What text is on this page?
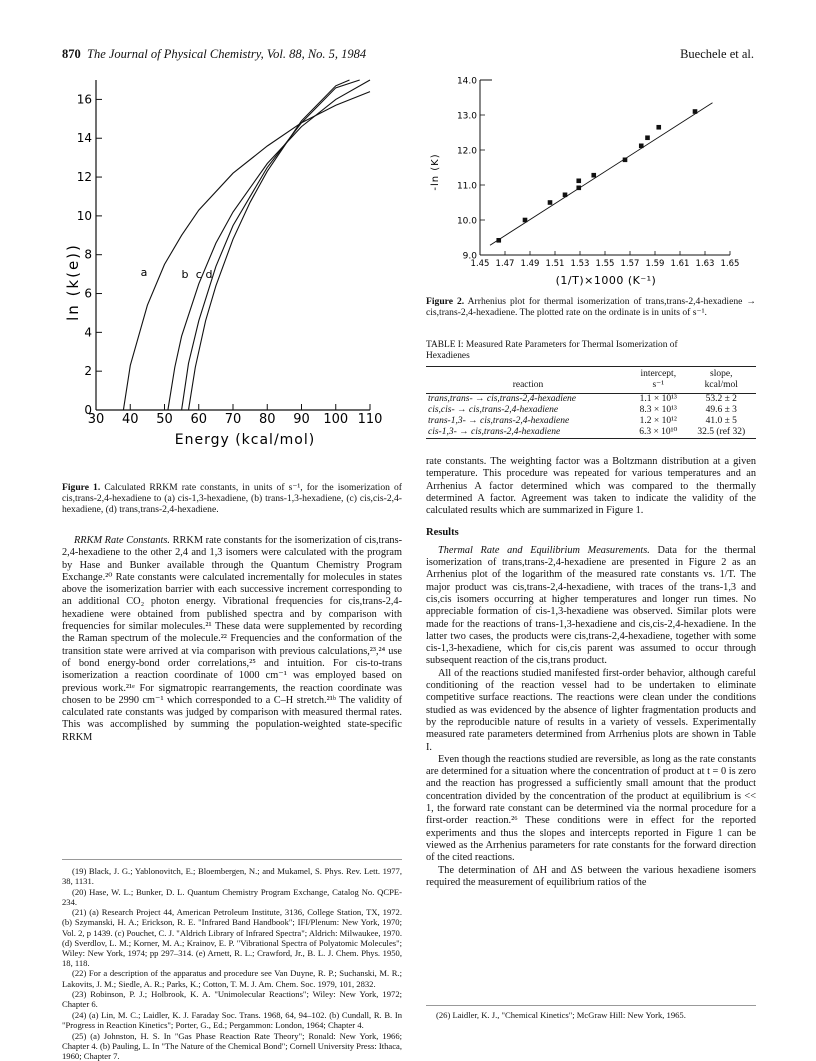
870 The Journal of Physical Chemistry, Vol. 88, No. 5, 1984	Buechele et al.
30 40 50 60 70 80 90 100 110
0
2
4
6
8
10
12
14
16
a	b c d
Energy (kcal/mol)
ln (k(e))
Figure 1. Calculated RRKM rate constants, in units of s⁻¹, for the isomerization of cis,trans-2,4-hexadiene to (a) cis-1,3-hexadiene, (b) trans-1,3-hexadiene, (c) cis,cis-2,4-hexadiene, (d) trans,trans-2,4-hexadiene.

RRKM Rate Constants. RRKM rate constants for the isomerization of cis,trans-2,4-hexadiene to the other 2,4 and 1,3 isomers were calculated with the program by Hase and Bunker available through the Quantum Chemistry Program Exchange.²⁰ Rate constants were calculated incrementally for molecules in states above the isomerization barrier with each successive increment corresponding to an additional CO₂ photon energy. Vibrational frequencies for cis,trans-2,4-hexadiene were obtained from published spectra and by comparison with frequencies for similar molecules.²¹ These data were supplemented by recording the Raman spectrum of the molecule.²² Frequencies and the conformation of the transition state were arrived at via comparison with previous calculations,²³,²⁴ use of bond energy-bond order correlations,²⁵ and intuition. For cis-to-trans isomerization a reaction coordinate of 1000 cm⁻¹ was employed based on previous work.²¹ᵉ For sigmatropic rearrangements, the reaction coordinate was chosen to be 2990 cm⁻¹ which corresponded to a C–H stretch.²¹ᵇ The validity of calculated rate constants was judged by comparison with measured thermal rates. This was accomplished by summing the population-weighted state-specific RRKM

(19) Black, J. G.; Yablonovitch, E.; Bloembergen, N.; and Mukamel, S. Phys. Rev. Lett. 1977, 38, 1131.

(20) Hase, W. L.; Bunker, D. L. Quantum Chemistry Program Exchange, Catalog No. QCPE-234.

(21) (a) Research Project 44, American Petroleum Institute, 3136, College Station, TX, 1972. (b) Szymanski, H. A.; Erickson, R. E. "Infrared Band Handbook"; IFI/Plenum: New York, 1970; Vol. 2, p 1439. (c) Pouchet, C. J. "Aldrich Library of Infrared Spectra"; Aldrich: Milwaukee, 1970. (d) Sverdlov, L. M.; Korner, M. A.; Krainov, E. P. "Vibrational Spectra of Polyatomic Molecules"; Wiley: New York, 1974; pp 297–314. (e) Arnett, R. L.; Crawford, Jr., B. L. J. Chem. Phys. 1950, 18, 118.

(22) For a description of the apparatus and procedure see Van Duyne, R. P.; Suchanski, M. R.; Lakovits, J. M.; Siedle, A. R.; Parks, K.; Cotton, T. M. J. Am. Chem. Soc. 1979, 101, 2832.

(23) Robinson, P. J.; Holbrook, K. A. "Unimolecular Reactions"; Wiley: New York, 1972; Chapter 6.

(24) (a) Lin, M. C.; Laidler, K. J. Faraday Soc. Trans. 1968, 64, 94–102. (b) Cundall, R. B. In "Progress in Reaction Kinetics"; Porter, G., Ed.; Pergammon: London, 1964; Chapter 4.

(25) (a) Johnston, H. S. In "Gas Phase Reaction Rate Theory"; Ronald: New York, 1966; Chapter 4. (b) Pauling, L. In "The Nature of the Chemical Bond"; Cornell University Press: Ithaca, 1960; Chapter 7.

1.45 1.47 1.49 1.51 1.53 1.55 1.57 1.59 1.61 1.63 1.65
9.0
10.0
11.0
12.0
13.0
14.0
(1/T)×1000 (K⁻¹)
-ln (K)
Figure 2. Arrhenius plot for thermal isomerization of trans,trans-2,4-hexadiene → cis,trans-2,4-hexadiene. The plotted rate on the ordinate is in units of s⁻¹.
TABLE I: Measured Rate Parameters for Thermal Isomerization of Hexadienes
	intercept,	slope,
reaction	s⁻¹	kcal/mol
trans,trans- → cis,trans-2,4-hexadiene	1.1 × 10¹³	53.2 ± 2
cis,cis- → cis,trans-2,4-hexadiene	8.3 × 10¹³	49.6 ± 3
trans-1,3- → cis,trans-2,4-hexadiene	1.2 × 10¹²	41.0 ± 5
cis-1,3- → cis,trans-2,4-hexadiene	6.3 × 10¹⁰	32.5 (ref 32)

rate constants. The weighting factor was a Boltzmann distribution at a given temperature. This procedure was repeated for various temperatures and an Arrhenius A factor determined which was compared to the thermally determined A factor. Agreement was taken to indicate the validity of the calculated results which are summarized in Figure 1.

Results

Thermal Rate and Equilibrium Measurements. Data for the thermal isomerization of trans,trans-2,4-hexadiene are presented in Figure 2 as an Arrhenius plot of the logarithm of the measured rate constants vs. 1/T. The major product was cis,trans-2,4-hexadiene, with traces of the trans-1,3 and cis,cis isomers occurring at higher temperatures and longer run times. No appreciable formation of cis-1,3-hexadiene was observed. Similar plots were made for the reactions of trans-1,3-hexadiene and cis,cis-2,4-hexadiene. In the latter two cases, the products were cis,trans-2,4-hexadiene, together with some cis-1,3-hexadiene, which for cis,cis parent was assumed to occur through subsequent reaction of the cis,trans product.

All of the reactions studied manifested first-order behavior, although careful conditioning of the reaction vessel had to be undertaken to eliminate competitive surface reactions. The reactions were clean under the conditions studied as was evidenced by the absence of lighter fragmentation products and by the reproducible nature of results in a variety of vessels. Experimentally measured rate parameters determined from Arrhenius plots are shown in Table I.

Even though the reactions studied are reversible, as long as the rate constants are determined for a situation where the concentration of product at t = 0 is zero and the reaction has progressed a sufficiently small amount that the product concentration divided by the concentration of the product at equilibrium is << 1, the forward rate constant can be determined via the normal procedure for a first-order reaction.²⁶ These conditions were in effect for the reported experiments and thus the slopes and intercepts reported in Figure 1 can be viewed as the Arrhenius parameters for rate constants for the forward direction of the cited reactions.

The determination of ΔH and ΔS between the various hexadiene isomers required the measurement of equilibrium ratios of the

(26) Laidler, K. J., "Chemical Kinetics"; McGraw Hill: New York, 1965.
